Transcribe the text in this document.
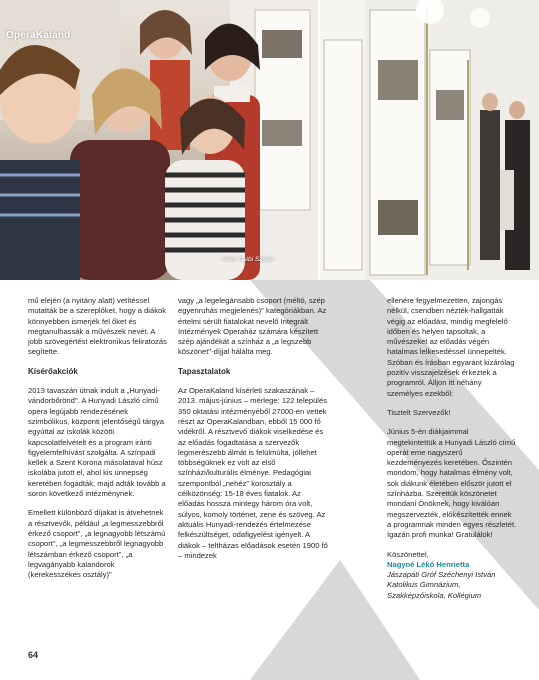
OperaKaland
Fotó: Csibi Szilvia

mű elején (a nyitány alatt) vetítéssel mutatták be a szereplőket, hogy a diákok könnyebben ismerjék fel őket és megtanulhassák a művészek nevét. A jobb szövegértést elektronikus feliratozás segítette.

Kísérőakciók

2013 tavaszán útnak indult a „Hunyadi-vándorbőrönd". A Hunyadi László című opera legújabb rendezésének szimbólikus, központi jelentőségű tárgya egyúttal az iskolák közötti kapcsolatfelvételt és a program iránti figyelemfelhívást szolgálta. A színpadi kellék a Szent Korona másolatával húsz iskolába jutott el, ahol kis ünnepség keretében fogadták, majd adták tovább a soron következő intézménynek.

Emellett különböző díjakat is átvehetnek a résztvevők, például „a legmesszebbről érkező csoport", „a legnagyobb létszámú csoport", „a legmesszebbről legnagyobb létszámban érkező csoport", „a legvagányabb kalandorok (kerekesszékes osztály)"

vagy „a legelegánsabb csoport (méltó, szép egyenruhás megjelenés)" kategóriákban. Az értelmi sérült fiatalokat nevelő Integrált Intézmények Operaház számára készített szép ajándékát a színház a „a legszebb köszönet"-díjjal hálálta meg.

Tapasztalatok

Az OperaKaland kísérleti szakaszának – 2013. május-június – mérlege: 122 település 350 oktatási intézményéből 27000-en vettek részt az OperaKalandban, ebből 15 000 fő vidékről. A résztvevő diákok viselkedése és az előadás fogadtatása a szervezők legmerészebb álmát is felülmúlta, jóllehet többségüknek ez volt az első színházi/kulturális élménye. Pedagógiai szempontból „nehéz" korosztály a célközönség: 15-18 éves fiatalok. Az előadás hossza mintegy három óra volt, súlyos, komoly történet, zene és szöveg. Az aktuális Hunyadi-rendezés értelmezése felkészültséget, odafigyelést igényelt. A diákok – teltházas előadások esetén 1900 fő – mindezek

ellenére fegyelmezetten, zajongás nélkül, csendben nézték-hallgatták végig az előadást, mindig megfelelő időben és helyen tapsoltak, a művészeket az előadás végén hatalmas lelkesedéssel ünnepelték. Szóban és írásban egyaránt kizárólag pozitív visszajelzések érkeztek a programról. Álljon itt néhány személyes ezekből:

Tisztelt Szervezők!

Június 5-én diákjaimmal megtekintettük a Hunyadi László című operát eme nagyszerű kezdeményezés keretében. Őszintén mondom, hogy hatalmas élmény volt, sok diákunk életében először jutott el színházba. Szerettük köszönetet mondani Önöknek, hogy kiválóan megszervezték, előkészítették ennek a programnak minden egyes részletét. Igazán profi munka! Gratulálok!

Köszönettel,
Nagyné Lékó Henrietta
Jászapáti Gróf Széchenyi István Katolikus Gimnázium, Szakképzőiskola, Kollégium
64
